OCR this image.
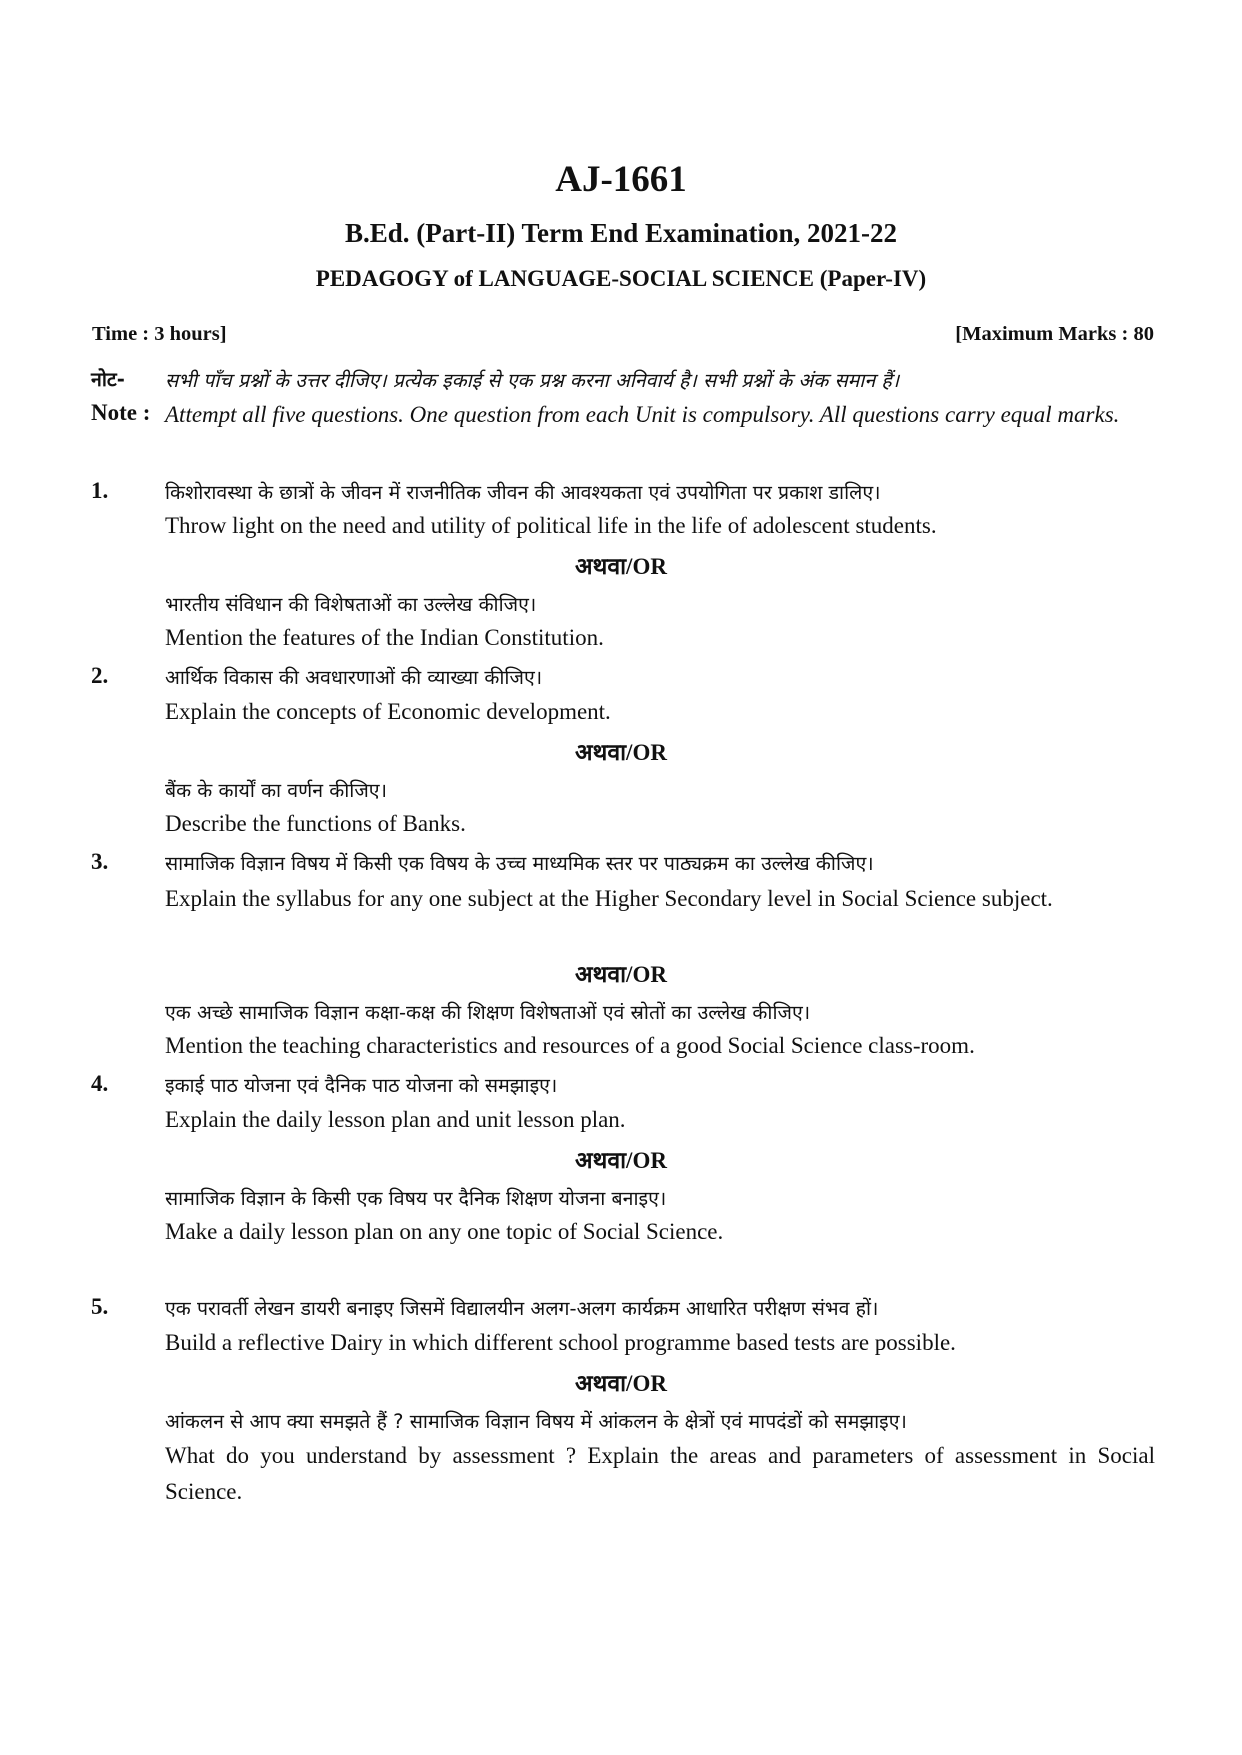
AJ-1661
B.Ed. (Part-II) Term End Examination, 2021-22
PEDAGOGY of LANGUAGE-SOCIAL SCIENCE (Paper-IV)
Time : 3 hours]	[Maximum Marks : 80
नोट- सभी पाँच प्रश्नों के उत्तर दीजिए। प्रत्येक इकाई से एक प्रश्न करना अनिवार्य है। सभी प्रश्नों के अंक समान हैं।
Note : Attempt all five questions. One question from each Unit is compulsory. All questions carry equal marks.
1.	किशोरावस्था के छात्रों के जीवन में राजनीतिक जीवन की आवश्यकता एवं उपयोगिता पर प्रकाश डालिए।
Throw light on the need and utility of political life in the life of adolescent students.
अथवा/OR
भारतीय संविधान की विशेषताओं का उल्लेख कीजिए।
Mention the features of the Indian Constitution.
2.	आर्थिक विकास की अवधारणाओं की व्याख्या कीजिए।
Explain the concepts of Economic development.
अथवा/OR
बैंक के कार्यों का वर्णन कीजिए।
Describe the functions of Banks.
3.	सामाजिक विज्ञान विषय में किसी एक विषय के उच्च माध्यमिक स्तर पर पाठ्यक्रम का उल्लेख कीजिए।
Explain the syllabus for any one subject at the Higher Secondary level in Social Science subject.
अथवा/OR
एक अच्छे सामाजिक विज्ञान कक्षा-कक्ष की शिक्षण विशेषताओं एवं स्रोतों का उल्लेख कीजिए।
Mention the teaching characteristics and resources of a good Social Science class-room.
4.	इकाई पाठ योजना एवं दैनिक पाठ योजना को समझाइए।
Explain the daily lesson plan and unit lesson plan.
अथवा/OR
सामाजिक विज्ञान के किसी एक विषय पर दैनिक शिक्षण योजना बनाइए।
Make a daily lesson plan on any one topic of Social Science.
5.	एक परावर्ती लेखन डायरी बनाइए जिसमें विद्यालयीन अलग-अलग कार्यक्रम आधारित परीक्षण संभव हों।
Build a reflective Dairy in which different school programme based tests are possible.
अथवा/OR
आंकलन से आप क्या समझते हैं ? सामाजिक विज्ञान विषय में आंकलन के क्षेत्रों एवं मापदंडों को समझाइए।
What do you understand by assessment ? Explain the areas and parameters of assessment in Social Science.
